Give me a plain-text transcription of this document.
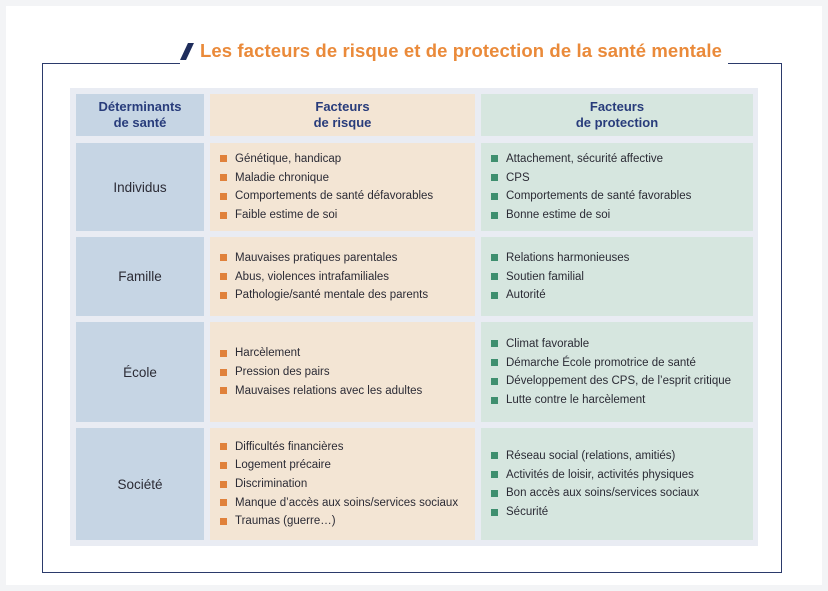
Les facteurs de risque et de protection de la santé mentale
Déterminants
de santé
Facteurs
de risque
Facteurs
de protection
Individus
Génétique, handicap
Maladie chronique
Comportements de santé défavorables
Faible estime de soi
Attachement, sécurité affective
CPS
Comportements de santé favorables
Bonne estime de soi
Famille
Mauvaises pratiques parentales
Abus, violences intrafamiliales
Pathologie/santé mentale des parents
Relations harmonieuses
Soutien familial
Autorité
École
Harcèlement
Pression des pairs
Mauvaises relations avec les adultes
Climat favorable
Démarche École promotrice de santé
Développement des CPS, de l’esprit critique
Lutte contre le harcèlement
Société
Difficultés financières
Logement précaire
Discrimination
Manque d’accès aux soins/services sociaux
Traumas (guerre…)
Réseau social (relations, amitiés)
Activités de loisir, activités physiques
Bon accès aux soins/services sociaux
Sécurité
